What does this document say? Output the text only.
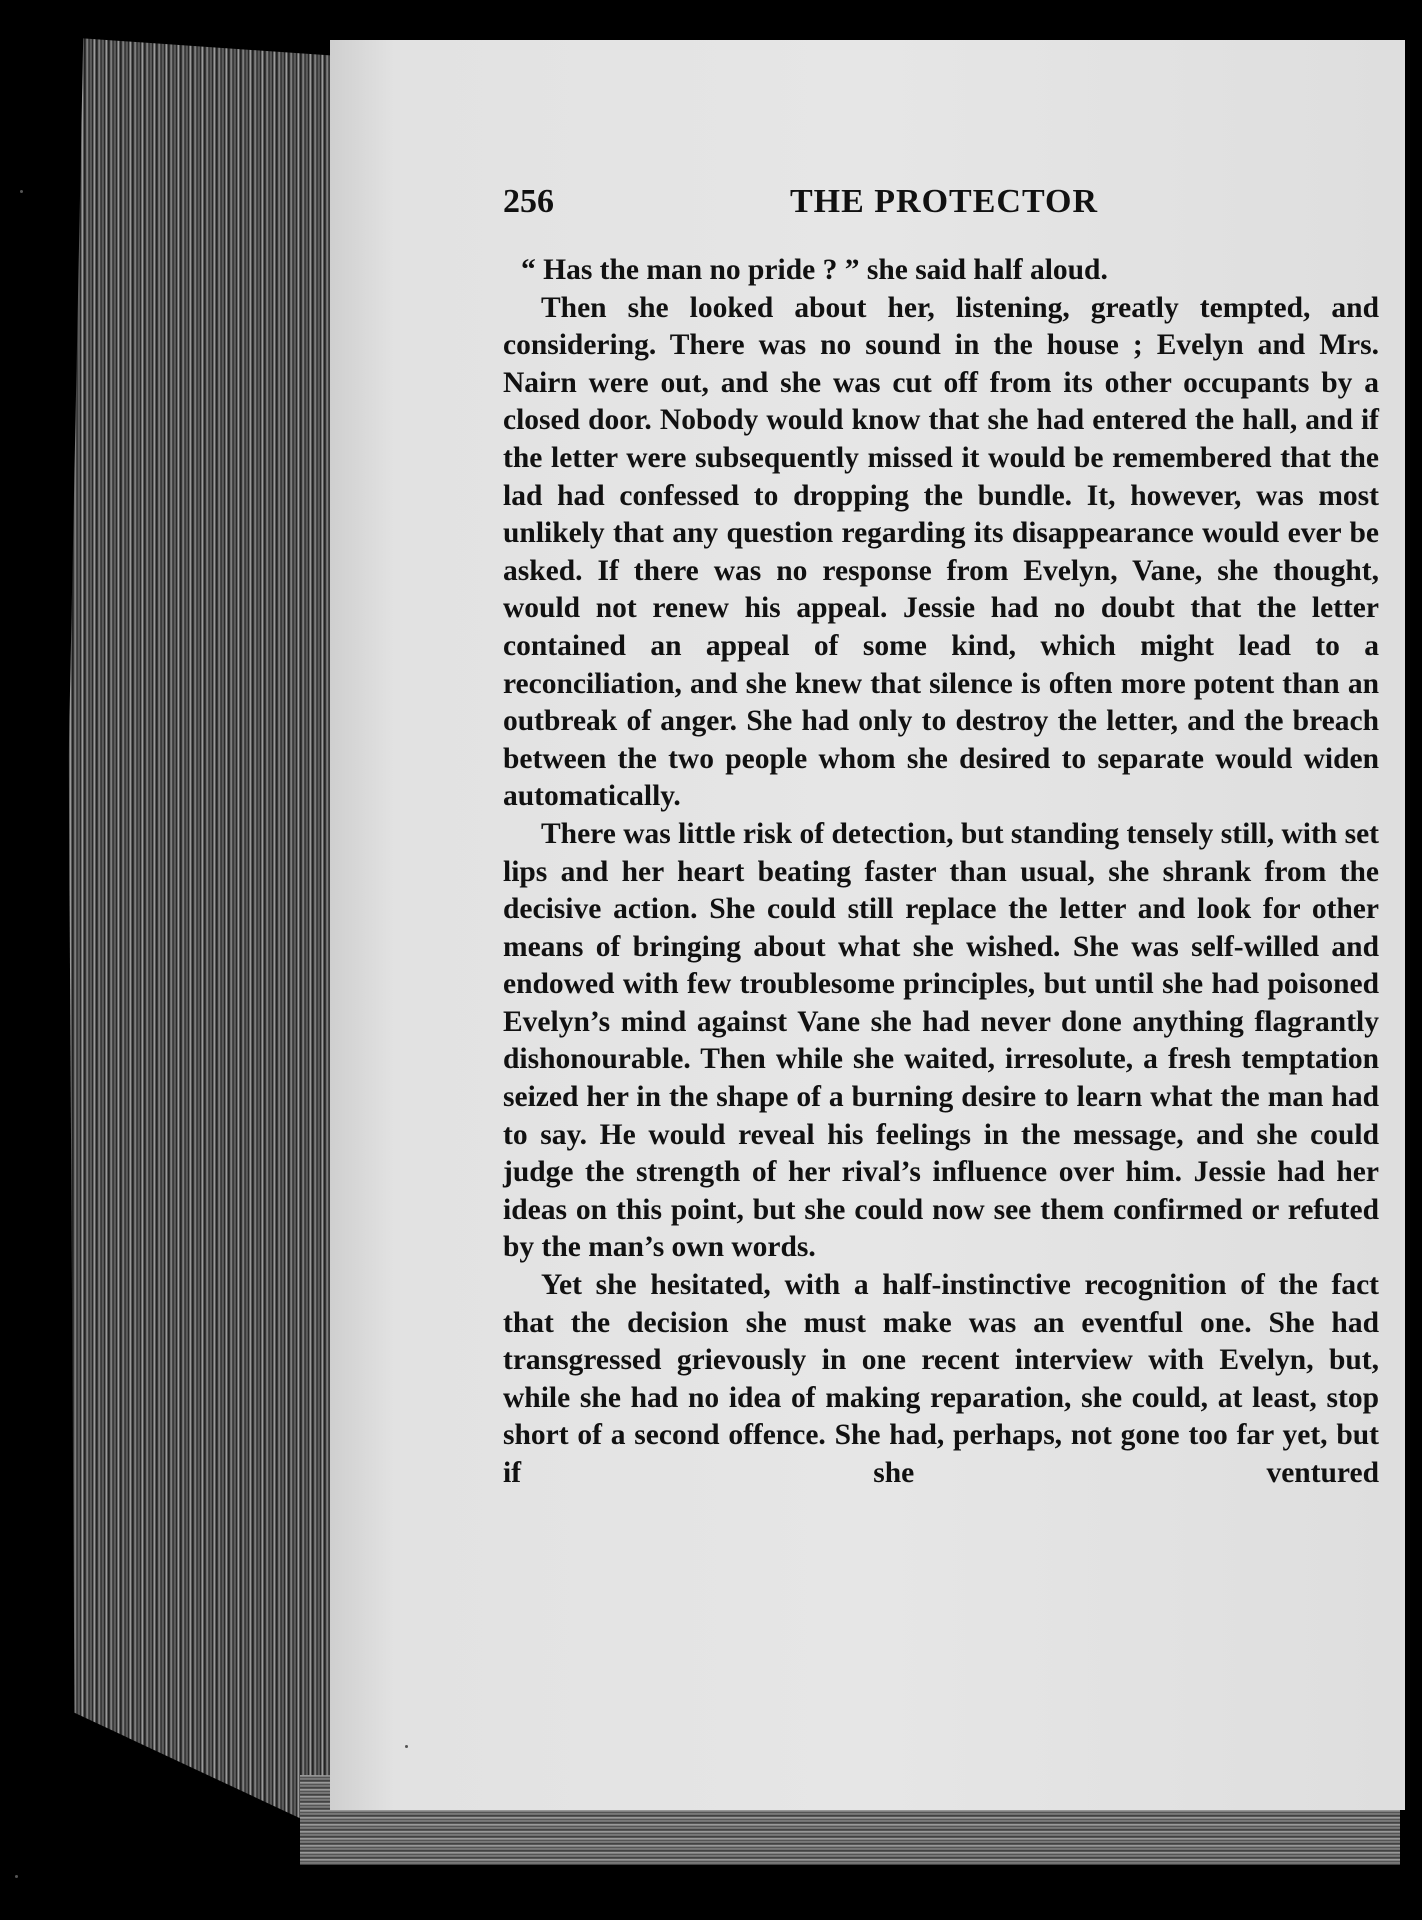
256	THE PROTECTOR

“ Has the man no pride ? ” she said half aloud.

Then she looked about her, listening, greatly tempted, and considering. There was no sound in the house ; Evelyn and Mrs. Nairn were out, and she was cut off from its other occupants by a closed door. Nobody would know that she had entered the hall, and if the letter were subsequently missed it would be remembered that the lad had confessed to dropping the bundle. It, however, was most unlikely that any question regarding its disappearance would ever be asked. If there was no response from Evelyn, Vane, she thought, would not renew his appeal. Jessie had no doubt that the letter contained an appeal of some kind, which might lead to a reconciliation, and she knew that silence is often more potent than an outbreak of anger. She had only to destroy the letter, and the breach between the two people whom she desired to separate would widen automatically.

There was little risk of detection, but standing tensely still, with set lips and her heart beating faster than usual, she shrank from the decisive action. She could still replace the letter and look for other means of bringing about what she wished. She was self-willed and endowed with few troublesome principles, but until she had poisoned Evelyn’s mind against Vane she had never done anything flagrantly dishonourable. Then while she waited, irresolute, a fresh temptation seized her in the shape of a burning desire to learn what the man had to say. He would reveal his feelings in the message, and she could judge the strength of her rival’s influence over him. Jessie had her ideas on this point, but she could now see them confirmed or refuted by the man’s own words.

Yet she hesitated, with a half-instinctive recognition of the fact that the decision she must make was an eventful one. She had transgressed grievously in one recent interview with Evelyn, but, while she had no idea of making reparation, she could, at least, stop short of a second offence. She had, perhaps, not gone too far yet, but if she ventured
